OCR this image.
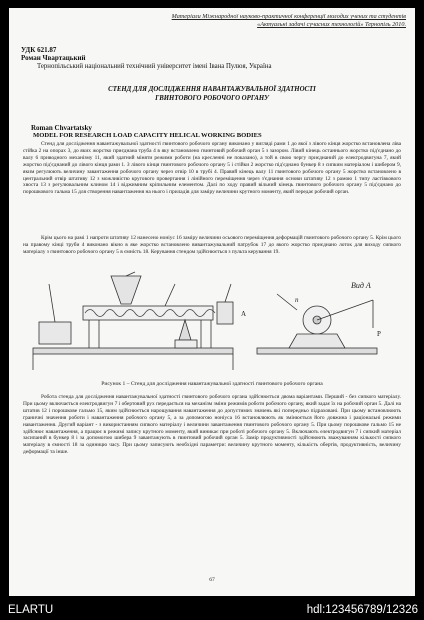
Матеріали Міжнародної науково-практичної конференції молодих учених та студентів
«Актуальні задачі сучасних технологій» Тернопіль 2010.
УДК 621.87
Роман Чвартацький
Тернопільський національний технічний університет імені Івана Пулюя, Україна
СТЕНД ДЛЯ ДОСЛІДЖЕННЯ НАВАНТАЖУВАЛЬНОЇ ЗДАТНОСТІ
ГВИНТОВОГО РОБОЧОГО ОРГАНУ
Roman Chvartatsky
MODEL FOR RESEARCH LOAD CAPACITY HELICAL WORKING BODIES
Стенд для дослідження навантажувальної здатності гвинтового робочого органу виконано у вигляді рами 1 до якої з лівого кінця жорстко встановлена ліва стійка 2 на опорах 3, до яких жорстко приєднана труба 4 в яку встановлено гвинтовий робочий орган 5 з зазором. Лівий кінець останнього жорстко під'єднано до валу 6 приводного механізму 11, який здатний міняти режими роботи (на кресленні не показано), а той в свою чергу приєднаний до електродвигуна 7, який жорстко під'єднаний до лівого кінця рами 1. З лівого кінця гвинтового робочого органу 5 і стійки 2 жорстко під'єднано бункер 8 з сипким матеріалом і шибером 9, яким регулюють величину завантаження робочого органу через отвір 10 в трубі 4. Правий кінець валу 11 гвинтового робочого органу 5 жорстко встановлено в центральний отвір штативу 12 з можливістю кругового провертання і лінійного переміщення через з'єднання основи штативу 12 з рамою 1 типу ластівкового хвоста 13 з регулювальним клином 14 і віджимним кріпильним елементом. Далі по ходу правий вільний кінець гвинтового робочого органу 5 під'єднано до порошкового гальма 15 для створення навантаження на нього і приладів для заміру величини крутного моменту, який передає робочий орган.
Крім цього на рамі 1 напроти штативу 12 нанесено ноніус 16 заміру величини осьового переміщення деформацій гвинтового робочого органу 5. Крім цього на правому кінці труби 4 виконано вікно в яке жорстко встановлено вивантажувальний патрубок 17 до якого жорстко приєднано лоток для виходу сипкого матеріалу з гвинтового робочого органу 5 в ємність 18. Керування стендом здійснюється з пульта керування 19.
Вид А
А
n
P
Рисунок 1 – Стенд для дослідження навантажувальної здатності гвинтового робочого органа
Робота стенда для дослідження навантажувальної здатності гвинтового робочого органа здійснюється двома варіантами. Перший - без сипкого матеріалу. При цьому включається електродвигун 7 і обертовий рух передається на механізм зміни режимів роботи робочого органу, який задає їх на робочий орган 5. Далі на штатив 12 і порошкове гальмо 15, яким здійснюється нарощування навантаження до допустимих значень які попередньо підраховані. При цьому встановлюють граничні значення роботи і навантаження робочого органу 5, а за допомогою ноніуса 16 встановлюють як змінюється його довжина і раціональні режими навантаження. Другий варіант - з використанням сипкого матеріалу і величини завантаження гвинтового робочого органу 5. При цьому порошкове гальмо 15 не здійснює навантаження, а працює в режимі запису крутного моменту, який виникає при роботі робочого органу 5. Включають електродвигун 7 і сипкий матеріал засипаний в бункер 8 і за допомогою шибера 9 завантажують в гвинтовий робочий орган 5. Замір продуктивності здійснюють зважуванням кількості сипкого матеріалу в ємності 18 за одиницю часу. При цьому записують необхідні параметри: величину крутного моменту, кількість обертів, продуктивність, величину деформації та інше.
67
ELARTU	hdl:123456789/12326
